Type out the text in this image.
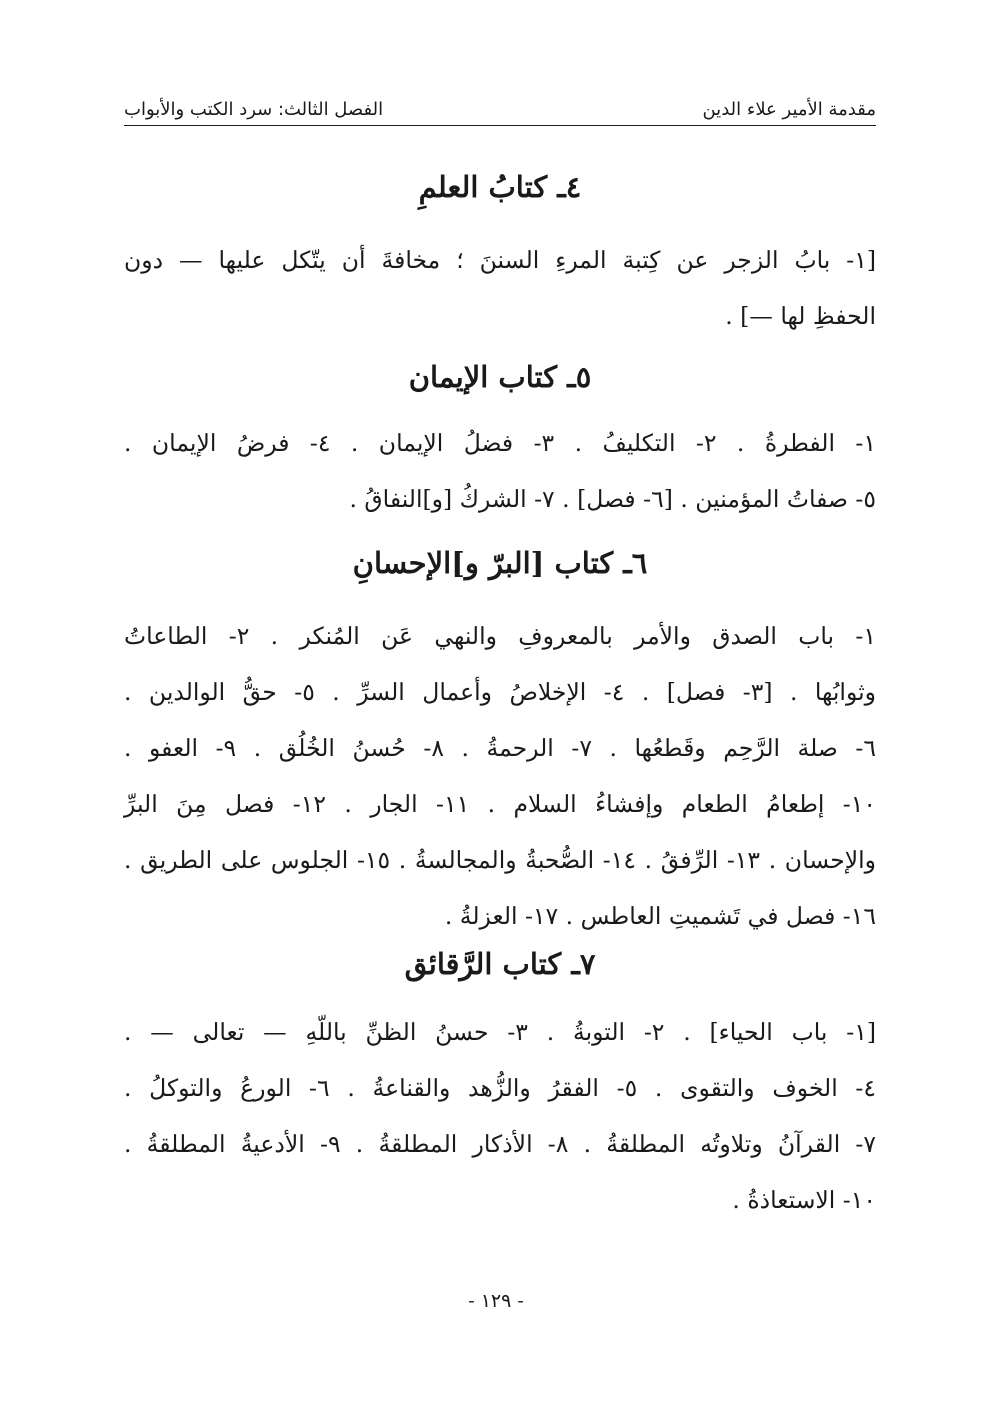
مقدمة الأمير علاء الدين
الفصل الثالث: سرد الكتب والأبواب
٤ـ كتابُ العلمِ
[١- بابُ الزجر عن كِتبة المرءِ السننَ ؛ مخافةَ أن يتّكل عليها — دون
الحفظِ لها —] .
٥ـ كتاب الإيمان
١- الفطرةُ . ٢- التكليفُ . ٣- فضلُ الإيمان . ٤- فرضُ الإيمان .
٥- صفاتُ المؤمنين . [٦- فصل] . ٧- الشركُ [و]النفاقُ .
٦ـ كتاب [البرّ و]الإحسانِ
١- باب الصدق والأمر بالمعروفِ والنهي عَن المُنكر . ٢- الطاعاتُ
وثوابُها . [٣- فصل] . ٤- الإخلاصُ وأعمال السرِّ . ٥- حقُّ الوالدين .
٦- صلة الرَّحِم وقَطعُها . ٧- الرحمةُ . ٨- حُسنُ الخُلُق . ٩- العفو .
١٠- إطعامُ الطعام وإفشاءُ السلام . ١١- الجار . ١٢- فصل مِنَ البرِّ
والإحسان . ١٣- الرِّفقُ . ١٤- الصُّحبةُ والمجالسةُ . ١٥- الجلوس على الطريق .
١٦- فصل في تَشميتِ العاطس . ١٧- العزلةُ .
٧ـ كتاب الرَّقائق
[١- باب الحياء] . ٢- التوبةُ . ٣- حسنُ الظنِّ باللّهِ — تعالى — .
٤- الخوف والتقوى . ٥- الفقرُ والزُّهد والقناعةُ . ٦- الورعُ والتوكلُ .
٧- القرآنُ وتلاوتُه المطلقةُ . ٨- الأذكار المطلقةُ . ٩- الأدعيةُ المطلقةُ .
١٠- الاستعاذةُ .
- ١٢٩ -
